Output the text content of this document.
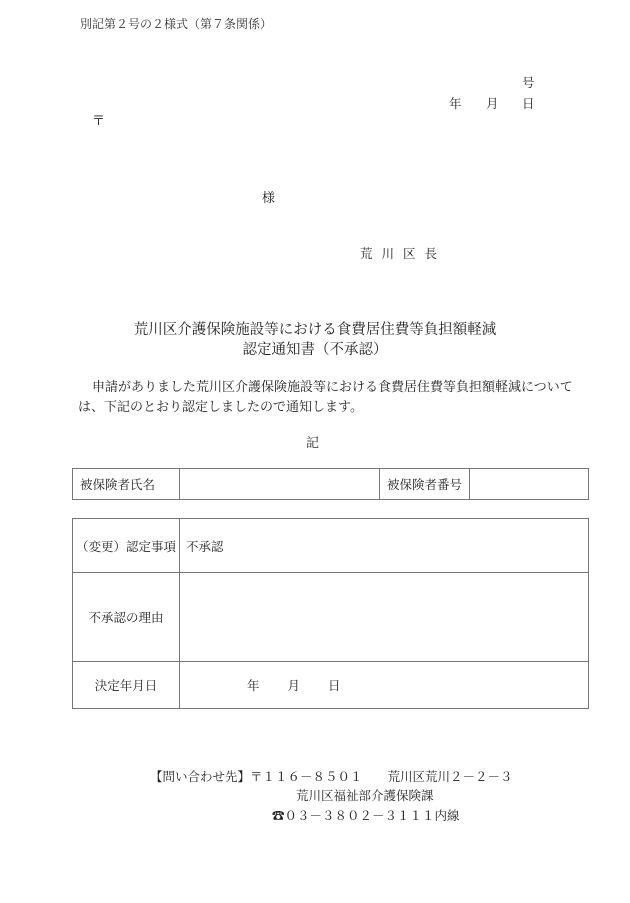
別記第２号の２様式（第７条関係）
号
年 月 日
〒
様
荒川区長
荒川区介護保険施設等における食費居住費等負担額軽減
認定通知書（不承認）
申請がありました荒川区介護保険施設等における食費居住費等負担額軽減について
は、下記のとおり認定しましたので通知します。
記
被保険者氏名		被保険者番号	
（変更）認定事項	不承認
不承認の理由	
決定年月日	年 月 日
【問い合わせ先】〒１１６－８５０１　　荒川区荒川２－２－３
荒川区福祉部介護保険課
☎０３－３８０２－３１１１内線
